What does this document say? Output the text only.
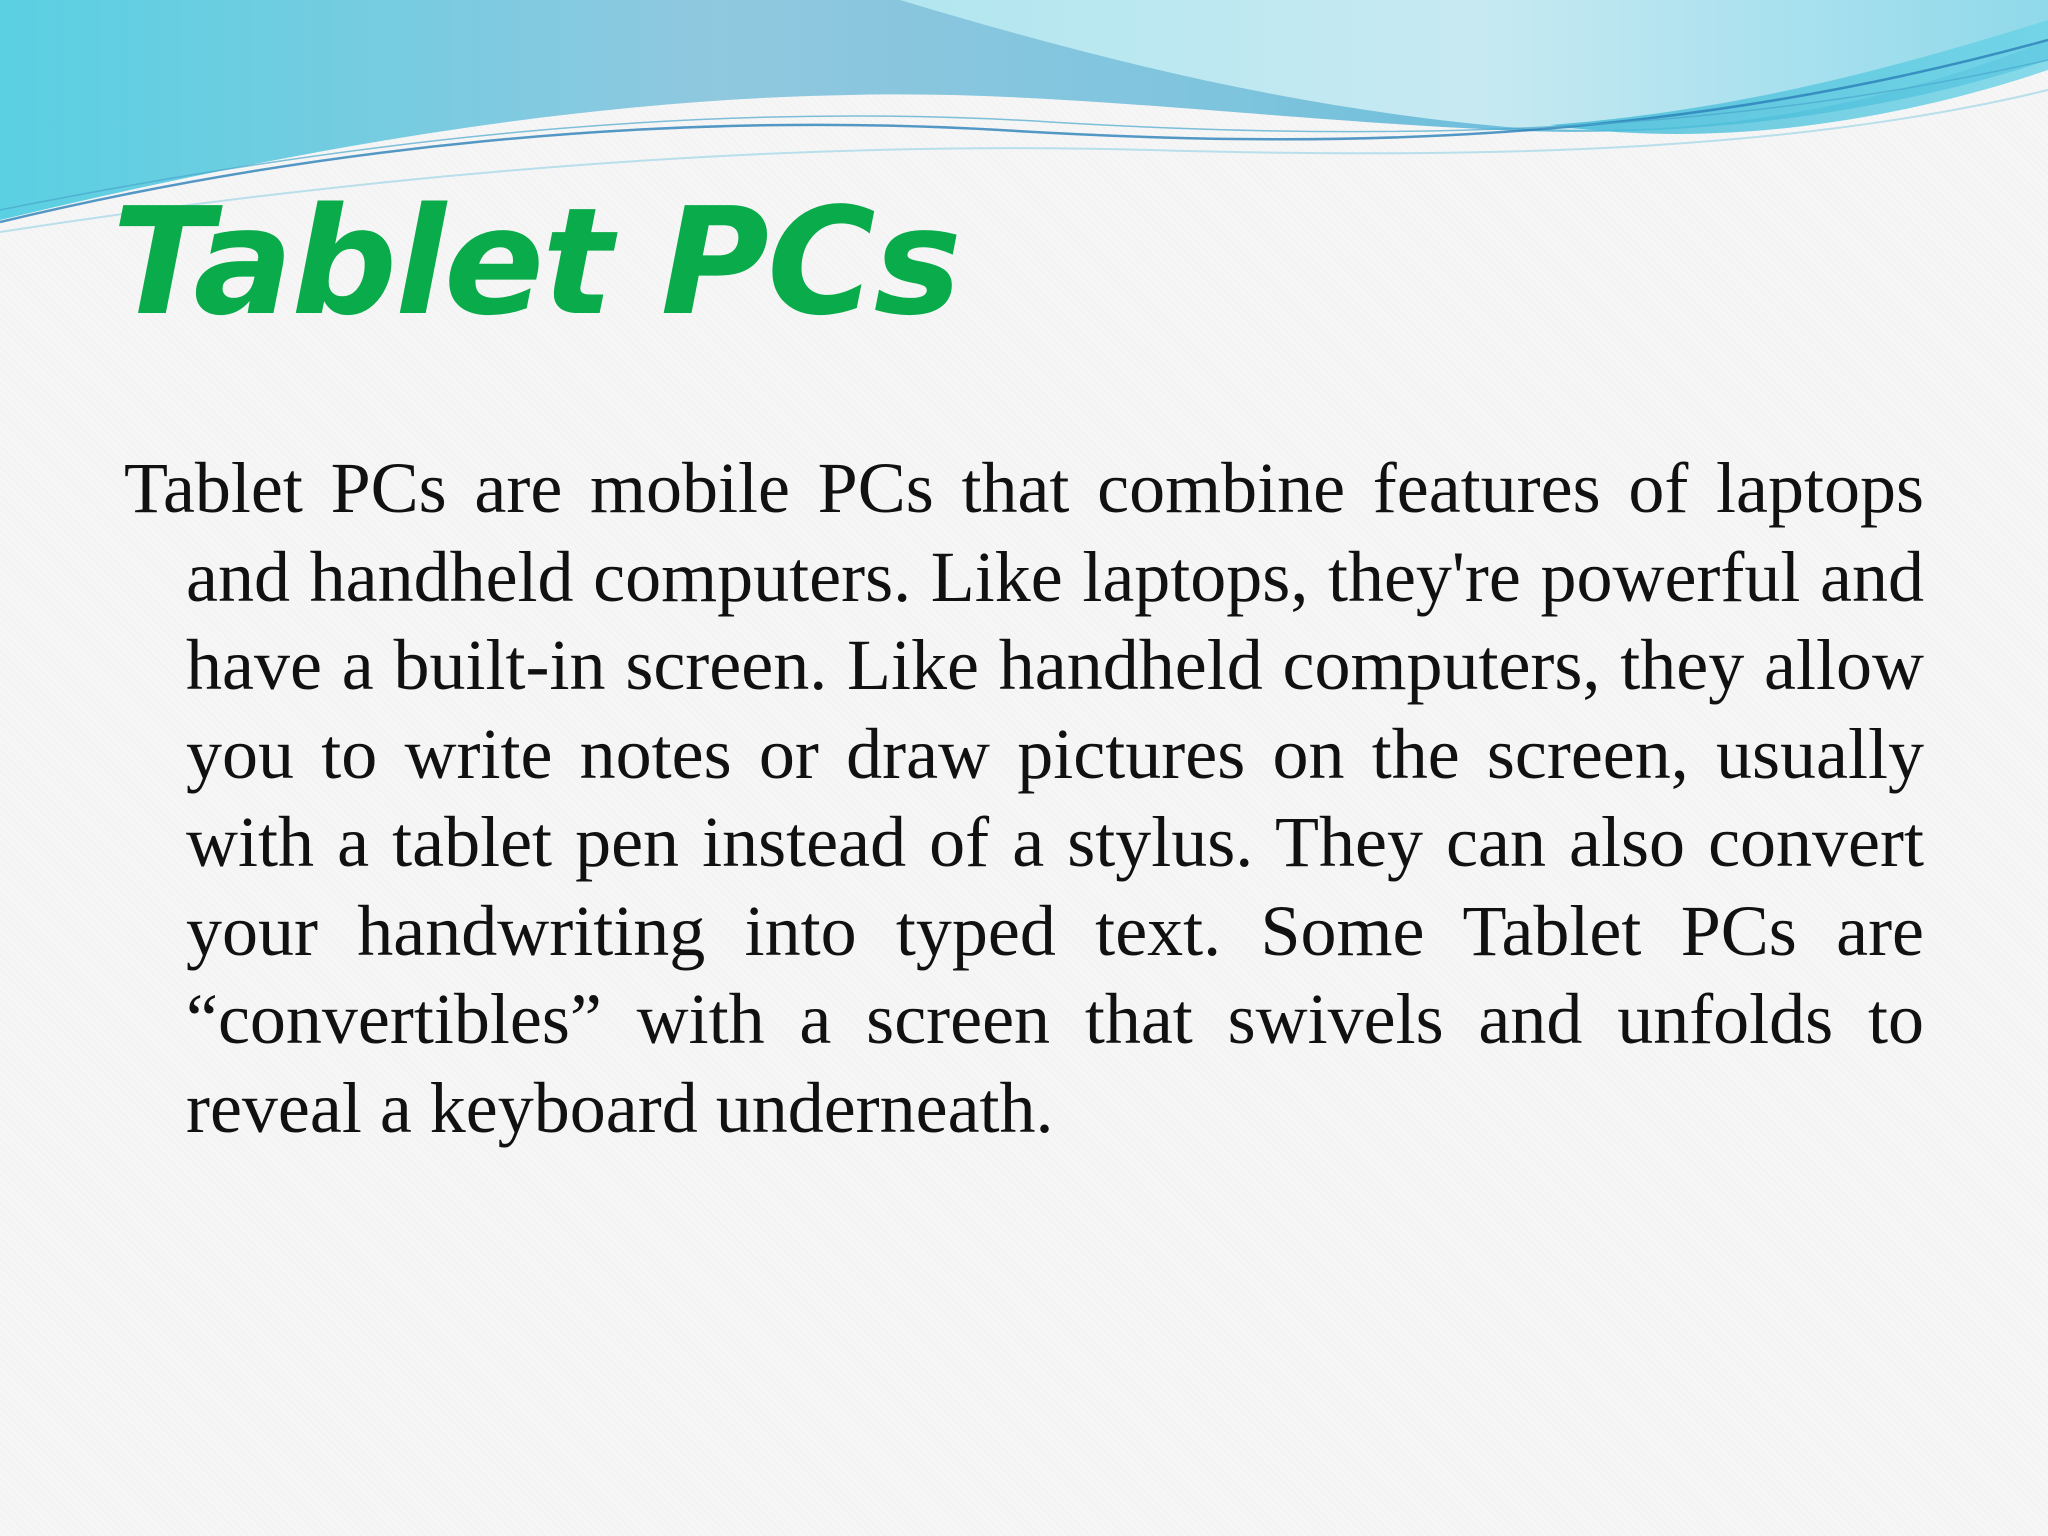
Tablet PCs

Tablet PCs are mobile PCs that combine features of laptops and handheld computers. Like laptops, they're powerful and have a built-in screen. Like handheld computers, they allow you to write notes or draw pictures on the screen, usually with a tablet pen instead of a stylus. They can also convert your handwriting into typed text. Some Tablet PCs are “convertibles” with a screen that swivels and unfolds to reveal a keyboard underneath.
